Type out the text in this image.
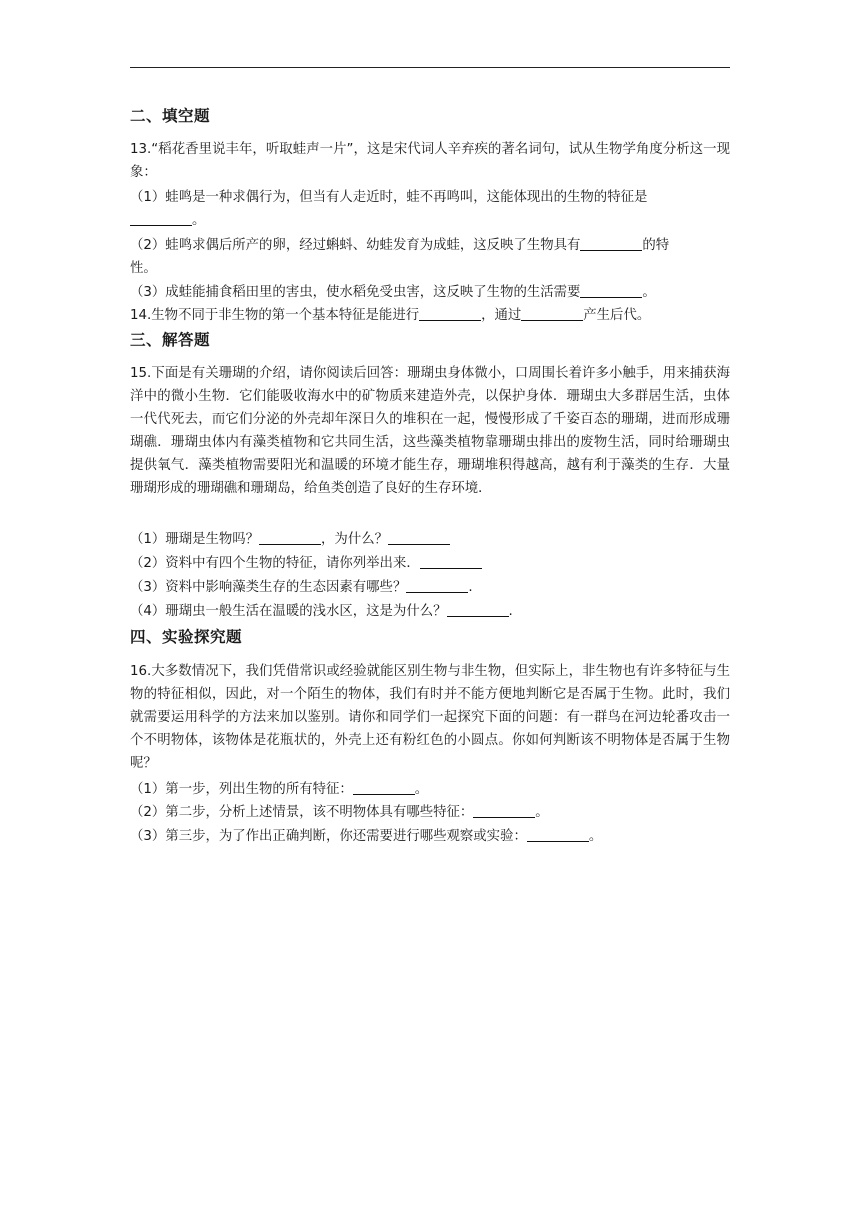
二、填空题

13.“稻花香里说丰年，听取蛙声一片”，这是宋代词人辛弃疾的著名词句，试从生物学角度分析这一现象：

（1）蛙鸣是一种求偶行为，但当有人走近时，蛙不再鸣叫，这能体现出的生物的特征是
。
（2）蛙鸣求偶后所产的卵，经过蝌蚪、幼蛙发育为成蛙，这反映了生物具有	的特
性。
（3）成蛙能捕食稻田里的害虫，使水稻免受虫害，这反映了生物的生活需要	。
14.生物不同于非生物的第一个基本特征是能进行	，通过	产生后代。
三、解答题

15.下面是有关珊瑚的介绍，请你阅读后回答：珊瑚虫身体微小，口周围长着许多小触手，用来捕获海洋中的微小生物．它们能吸收海水中的矿物质来建造外壳，以保护身体．珊瑚虫大多群居生活，虫体一代代死去，而它们分泌的外壳却年深日久的堆积在一起，慢慢形成了千姿百态的珊瑚，进而形成珊瑚礁．珊瑚虫体内有藻类植物和它共同生活，这些藻类植物靠珊瑚虫排出的废物生活，同时给珊瑚虫提供氧气．藻类植物需要阳光和温暖的环境才能生存，珊瑚堆积得越高，越有利于藻类的生存．大量珊瑚形成的珊瑚礁和珊瑚岛，给鱼类创造了良好的生存环境．

（1）珊瑚是生物吗？	，为什么？
（2）资料中有四个生物的特征，请你列举出来．
（3）资料中影响藻类生存的生态因素有哪些？	.
（4）珊瑚虫一般生活在温暖的浅水区，这是为什么？	.
四、实验探究题

16.大多数情况下，我们凭借常识或经验就能区别生物与非生物，但实际上，非生物也有许多特征与生物的特征相似，因此，对一个陌生的物体，我们有时并不能方便地判断它是否属于生物。此时，我们就需要运用科学的方法来加以鉴别。请你和同学们一起探究下面的问题：有一群鸟在河边轮番攻击一个不明物体，该物体是花瓶状的，外壳上还有粉红色的小圆点。你如何判断该不明物体是否属于生物呢？

（1）第一步，列出生物的所有特征：	。
（2）第二步，分析上述情景，该不明物体具有哪些特征：	。
（3）第三步，为了作出正确判断，你还需要进行哪些观察或实验：	。
